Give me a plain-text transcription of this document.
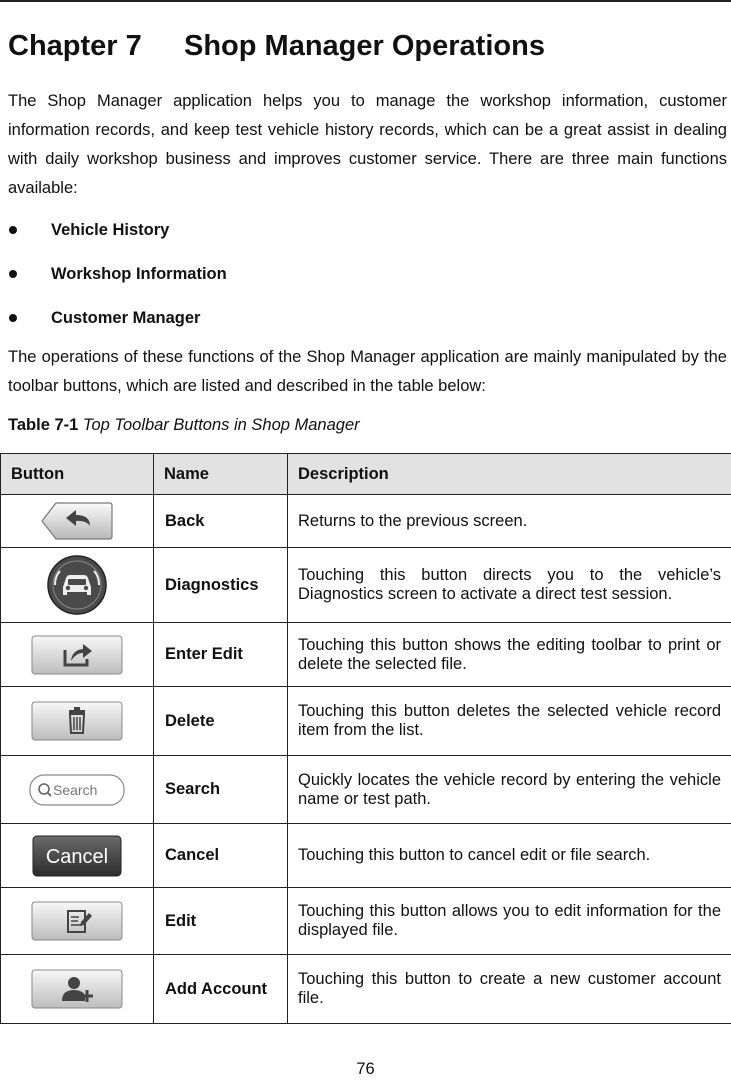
Chapter 7 Shop Manager Operations

The Shop Manager application helps you to manage the workshop information, customer information records, and keep test vehicle history records, which can be a great assist in dealing with daily workshop business and improves customer service. There are three main functions available:

Vehicle History
Workshop Information
Customer Manager

The operations of these functions of the Shop Manager application are mainly manipulated by the toolbar buttons, which are listed and described in the table below:

Table 7-1 Top Toolbar Buttons in Shop Manager
Button	Name	Description
	Back	Returns to the previous screen.
	Diagnostics	Touching this button directs you to the vehicle’s Diagnostics screen to activate a direct test session.
	Enter Edit	Touching this button shows the editing toolbar to print or delete the selected file.
	Delete	Touching this button deletes the selected vehicle record item from the list.

Search	Search	Quickly locates the vehicle record by entering the vehicle name or test path.

Cancel	Cancel	Touching this button to cancel edit or file search.
	Edit	Touching this button allows you to edit information for the displayed file.
	Add Account	Touching this button to create a new customer account file.
76
